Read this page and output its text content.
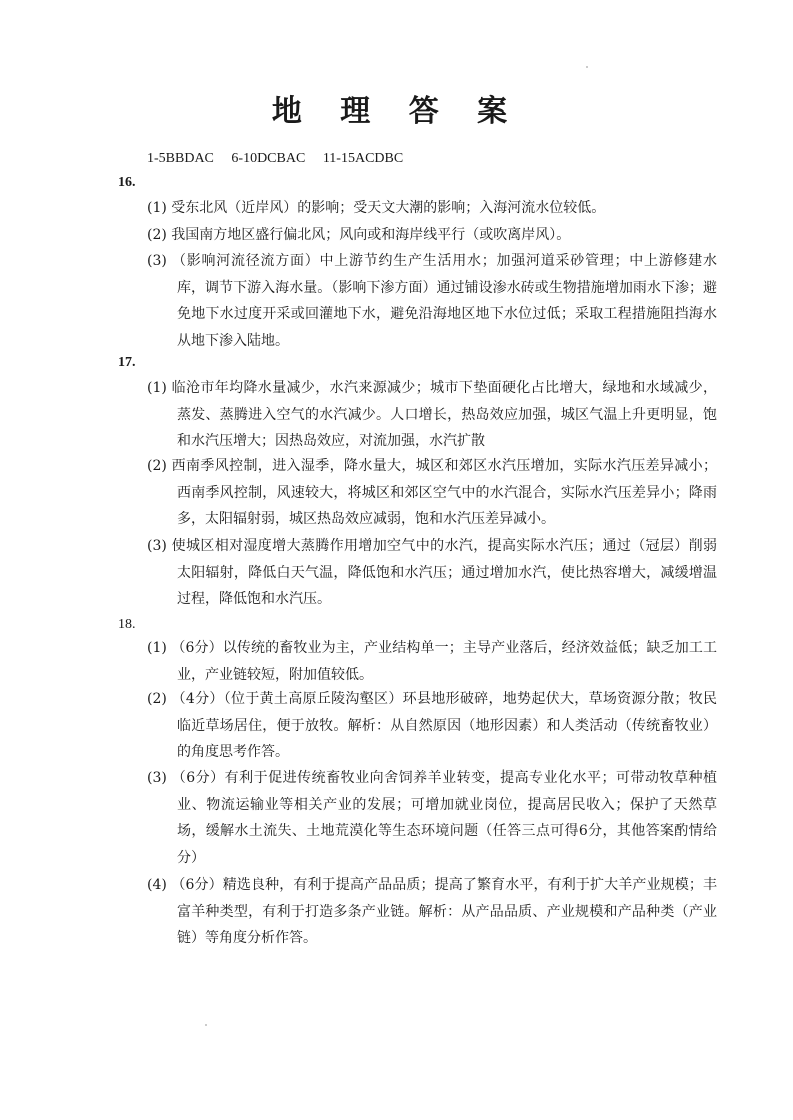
地 理 答 案
1-5BBDAC 6-10DCBAC 11-15ACDBC
16.
(1) 受东北风（近岸风）的影响；受天文大潮的影响；入海河流水位较低。
(2) 我国南方地区盛行偏北风；风向或和海岸线平行（或吹离岸风）。
(3) （影响河流径流方面）中上游节约生产生活用水；加强河道采砂管理；中上游修建水库，调节下游入海水量。（影响下渗方面）通过铺设渗水砖或生物措施增加雨水下渗；避免地下水过度开采或回灌地下水，避免沿海地区地下水位过低；采取工程措施阻挡海水从地下渗入陆地。
17.
(1) 临沧市年均降水量减少，水汽来源减少；城市下垫面硬化占比增大，绿地和水域减少，蒸发、蒸腾进入空气的水汽减少。人口增长，热岛效应加强，城区气温上升更明显，饱和水汽压增大；因热岛效应，对流加强，水汽扩散
(2) 西南季风控制，进入湿季，降水量大，城区和郊区水汽压增加，实际水汽压差异减小；西南季风控制，风速较大，将城区和郊区空气中的水汽混合，实际水汽压差异小；降雨多，太阳辐射弱，城区热岛效应减弱，饱和水汽压差异减小。
(3) 使城区相对湿度增大蒸腾作用增加空气中的水汽，提高实际水汽压；通过（冠层）削弱太阳辐射，降低白天气温，降低饱和水汽压；通过增加水汽，使比热容增大，减缓增温过程，降低饱和水汽压。
18.
(1) （6分）以传统的畜牧业为主，产业结构单一；主导产业落后，经济效益低；缺乏加工工业，产业链较短，附加值较低。
(2) （4分）（位于黄土高原丘陵沟壑区）环县地形破碎，地势起伏大，草场资源分散；牧民临近草场居住，便于放牧。解析：从自然原因（地形因素）和人类活动（传统畜牧业）的角度思考作答。
(3) （6分）有利于促进传统畜牧业向舍饲养羊业转变，提高专业化水平；可带动牧草种植业、物流运输业等相关产业的发展；可增加就业岗位，提高居民收入；保护了天然草场，缓解水土流失、土地荒漠化等生态环境问题（任答三点可得6分，其他答案酌情给分）
(4) （6分）精选良种，有利于提高产品品质；提高了繁育水平，有利于扩大羊产业规模；丰富羊种类型，有利于打造多条产业链。解析：从产品品质、产业规模和产品种类（产业链）等角度分析作答。
